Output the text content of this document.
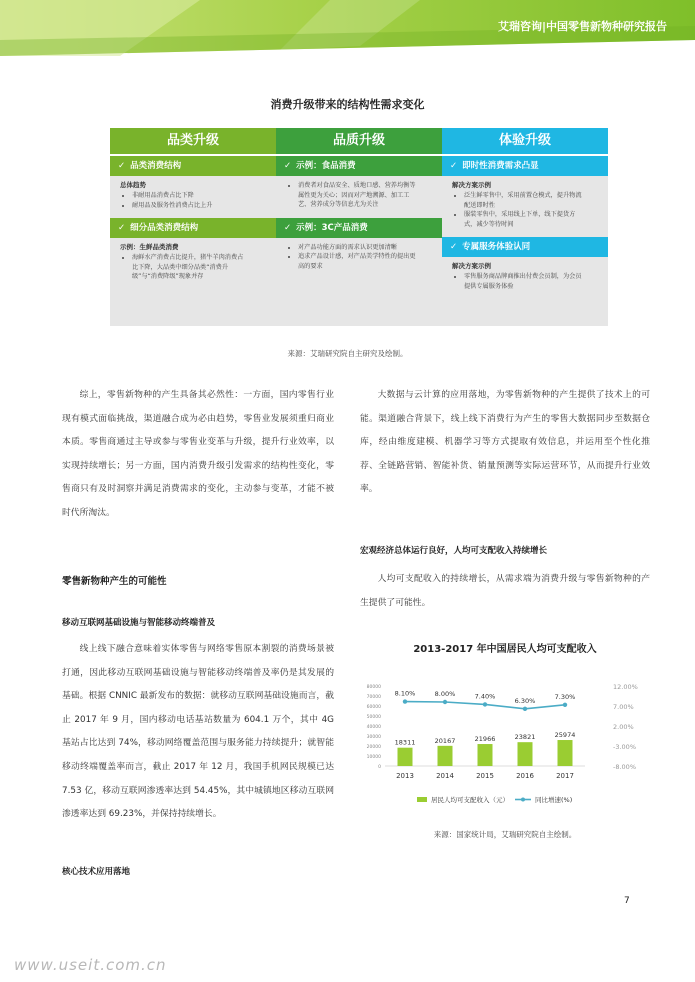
艾瑞咨询|中国零售新物种研究报告
消费升级带来的结构性需求变化
品类升级
✓ 品类消费结构
总体趋势
• 非耐用品消费占比下降
• 耐用品及服务性消费占比上升
✓ 细分品类消费结构
示例：生鲜品类消费
• 海鲜水产消费占比提升，猪牛羊肉消费占比下降，大品类中细分品类“消费升级”与“消费降级”现象并存
品质升级
✓ 示例：食品消费
• 消费者对食品安全、质地口感、营养均衡等属性更为关心；因而对产地溯源、加工工艺、营养成分等信息尤为关注
✓ 示例：3C产品消费
• 对产品功能方面的需求认识更加清晰
• 追求产品设计感，对产品美学特性的提出更高的要求
体验升级
✓ 即时性消费需求凸显
解决方案示例
• 泛生鲜零售中，采用前置仓模式，提升物流配送即时性
• 服装零售中，采用线上下单，线下提货方式，减少等待时间
✓ 专属服务体验认同
解决方案示例
• 零售服务商品牌商推出付费会员制，为会员提供专属服务体验
来源：艾瑞研究院自主研究及绘制。
综上，零售新物种的产生具备其必然性：一方面，国内零售行业现有模式面临挑战，渠道融合成为必由趋势，零售业发展须重归商业本质。零售商通过主导或参与零售业变革与升级，提升行业效率，以实现持续增长；另一方面，国内消费升级引发需求的结构性变化，零售商只有及时洞察并满足消费需求的变化，主动参与变革，才能不被时代所淘汰。
零售新物种产生的可能性
移动互联网基础设施与智能移动终端普及
线上线下融合意味着实体零售与网络零售原本割裂的消费场景被打通，因此移动互联网基础设施与智能移动终端普及率仍是其发展的基础。根据 CNNIC 最新发布的数据：就移动互联网基础设施而言，截止 2017 年 9 月，国内移动电话基站数量为 604.1 万个，其中 4G 基站占比达到 74%，移动网络覆盖范围与服务能力持续提升；就智能移动终端覆盖率而言，截止 2017 年 12 月，我国手机网民规模已达 7.53 亿，移动互联网渗透率达到 54.45%，其中城镇地区移动互联网渗透率达到 69.23%，并保持持续增长。
核心技术应用落地
大数据与云计算的应用落地，为零售新物种的产生提供了技术上的可能。渠道融合背景下，线上线下消费行为产生的零售大数据同步至数据仓库，经由维度建模、机器学习等方式提取有效信息，并运用至个性化推荐、全链路营销、智能补货、销量预测等实际运营环节，从而提升行业效率。
宏观经济总体运行良好，人均可支配收入持续增长
人均可支配收入的持续增长，从需求端为消费升级与零售新物种的产生提供了可能性。
2013-2017 年中国居民人均可支配收入
0
10000
20000
30000
40000
50000
60000
70000
80000	12.00%
7.00%
2.00%
-3.00%
-8.00%
18311	20167	21966	23821	25974
2013	2014	2015	2016	2017
8.10%	8.00%	7.40%
6.30%	7.30%
居民人均可支配收入（元）	同比增速(%)
来源：国家统计局，艾瑞研究院自主绘制。
7
www.useit.com.cn
